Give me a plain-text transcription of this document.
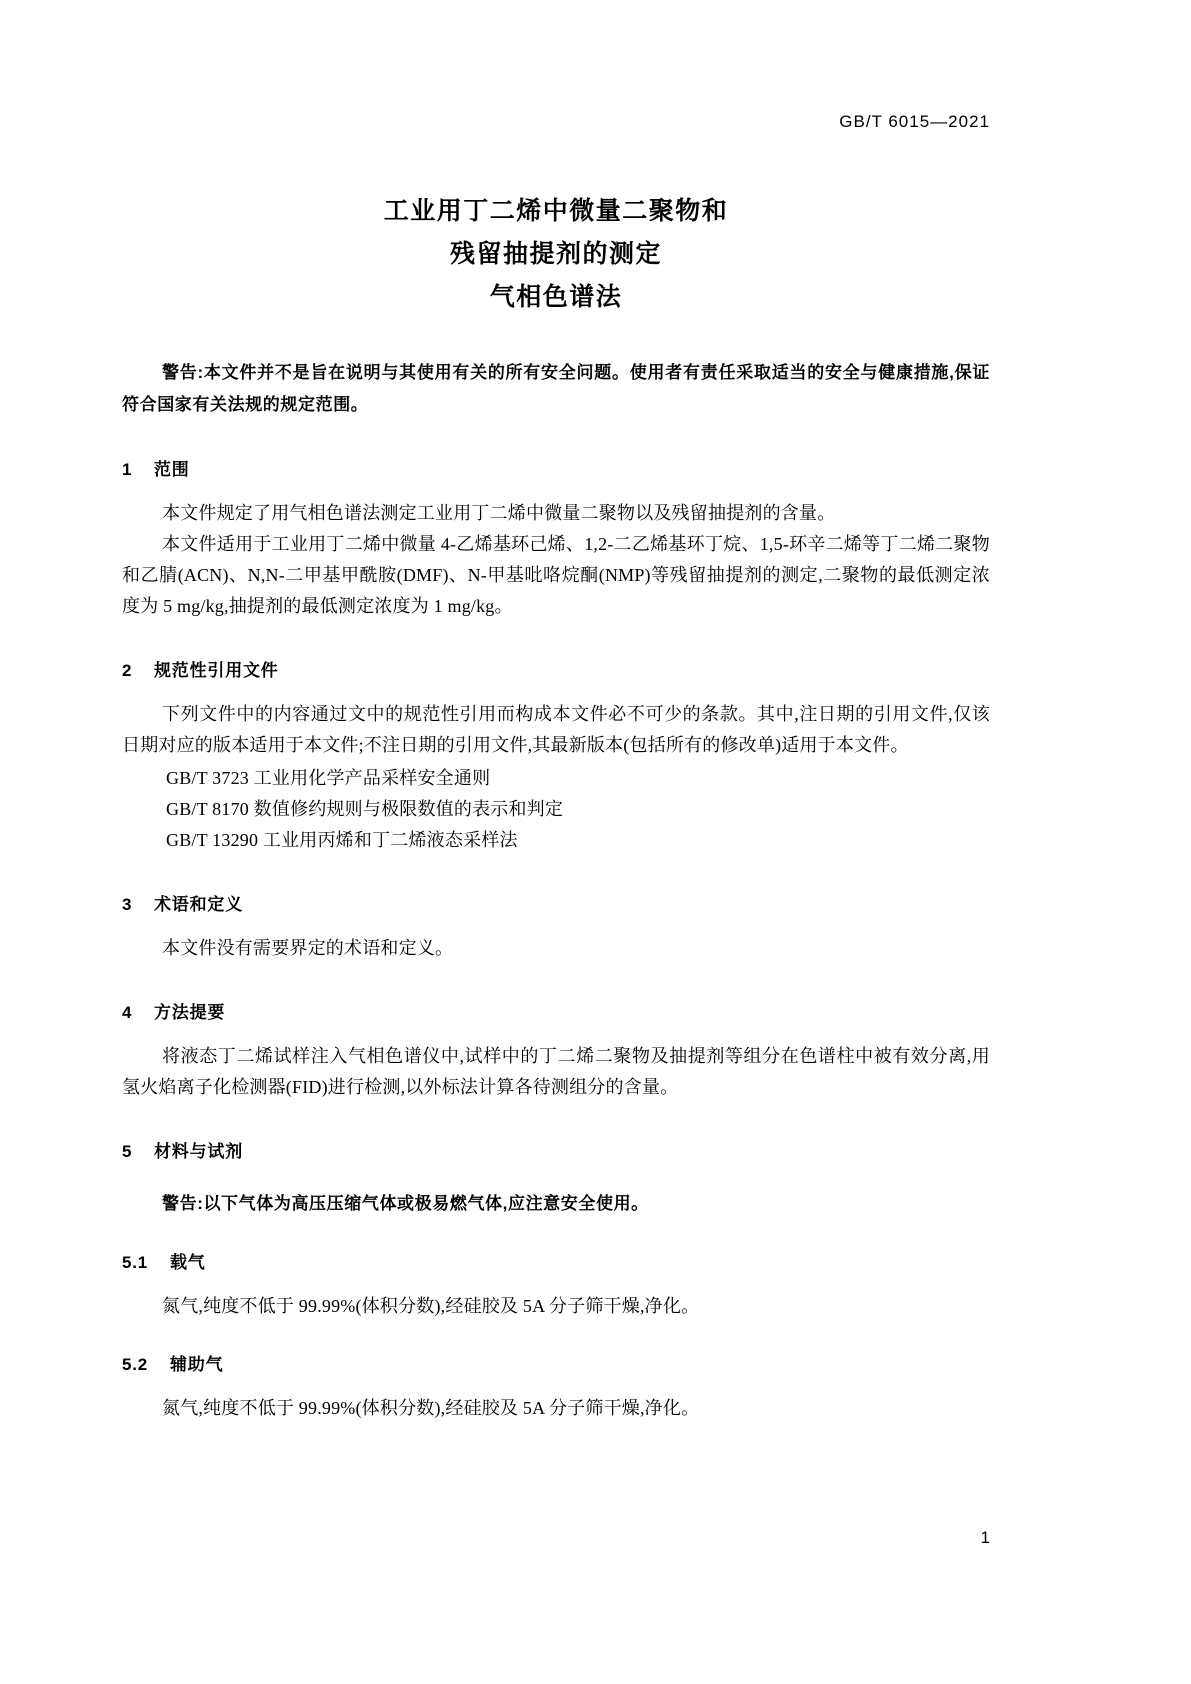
GB/T 6015—2021
工业用丁二烯中微量二聚物和
残留抽提剂的测定
气相色谱法
警告:本文件并不是旨在说明与其使用有关的所有安全问题。使用者有责任采取适当的安全与健康措施,保证符合国家有关法规的规定范围。
1 范围

本文件规定了用气相色谱法测定工业用丁二烯中微量二聚物以及残留抽提剂的含量。

本文件适用于工业用丁二烯中微量 4-乙烯基环己烯、1,2-二乙烯基环丁烷、1,5-环辛二烯等丁二烯二聚物和乙腈(ACN)、N,N-二甲基甲酰胺(DMF)、N-甲基吡咯烷酮(NMP)等残留抽提剂的测定,二聚物的最低测定浓度为 5 mg/kg,抽提剂的最低测定浓度为 1 mg/kg。

2 规范性引用文件

下列文件中的内容通过文中的规范性引用而构成本文件必不可少的条款。其中,注日期的引用文件,仅该日期对应的版本适用于本文件;不注日期的引用文件,其最新版本(包括所有的修改单)适用于本文件。

GB/T 3723 工业用化学产品采样安全通则

GB/T 8170 数值修约规则与极限数值的表示和判定

GB/T 13290 工业用丙烯和丁二烯液态采样法

3 术语和定义

本文件没有需要界定的术语和定义。

4 方法提要

将液态丁二烯试样注入气相色谱仪中,试样中的丁二烯二聚物及抽提剂等组分在色谱柱中被有效分离,用氢火焰离子化检测器(FID)进行检测,以外标法计算各待测组分的含量。

5 材料与试剂
警告:以下气体为高压压缩气体或极易燃气体,应注意安全使用。
5.1 载气

氮气,纯度不低于 99.99%(体积分数),经硅胶及 5A 分子筛干燥,净化。

5.2 辅助气

氮气,纯度不低于 99.99%(体积分数),经硅胶及 5A 分子筛干燥,净化。

1
